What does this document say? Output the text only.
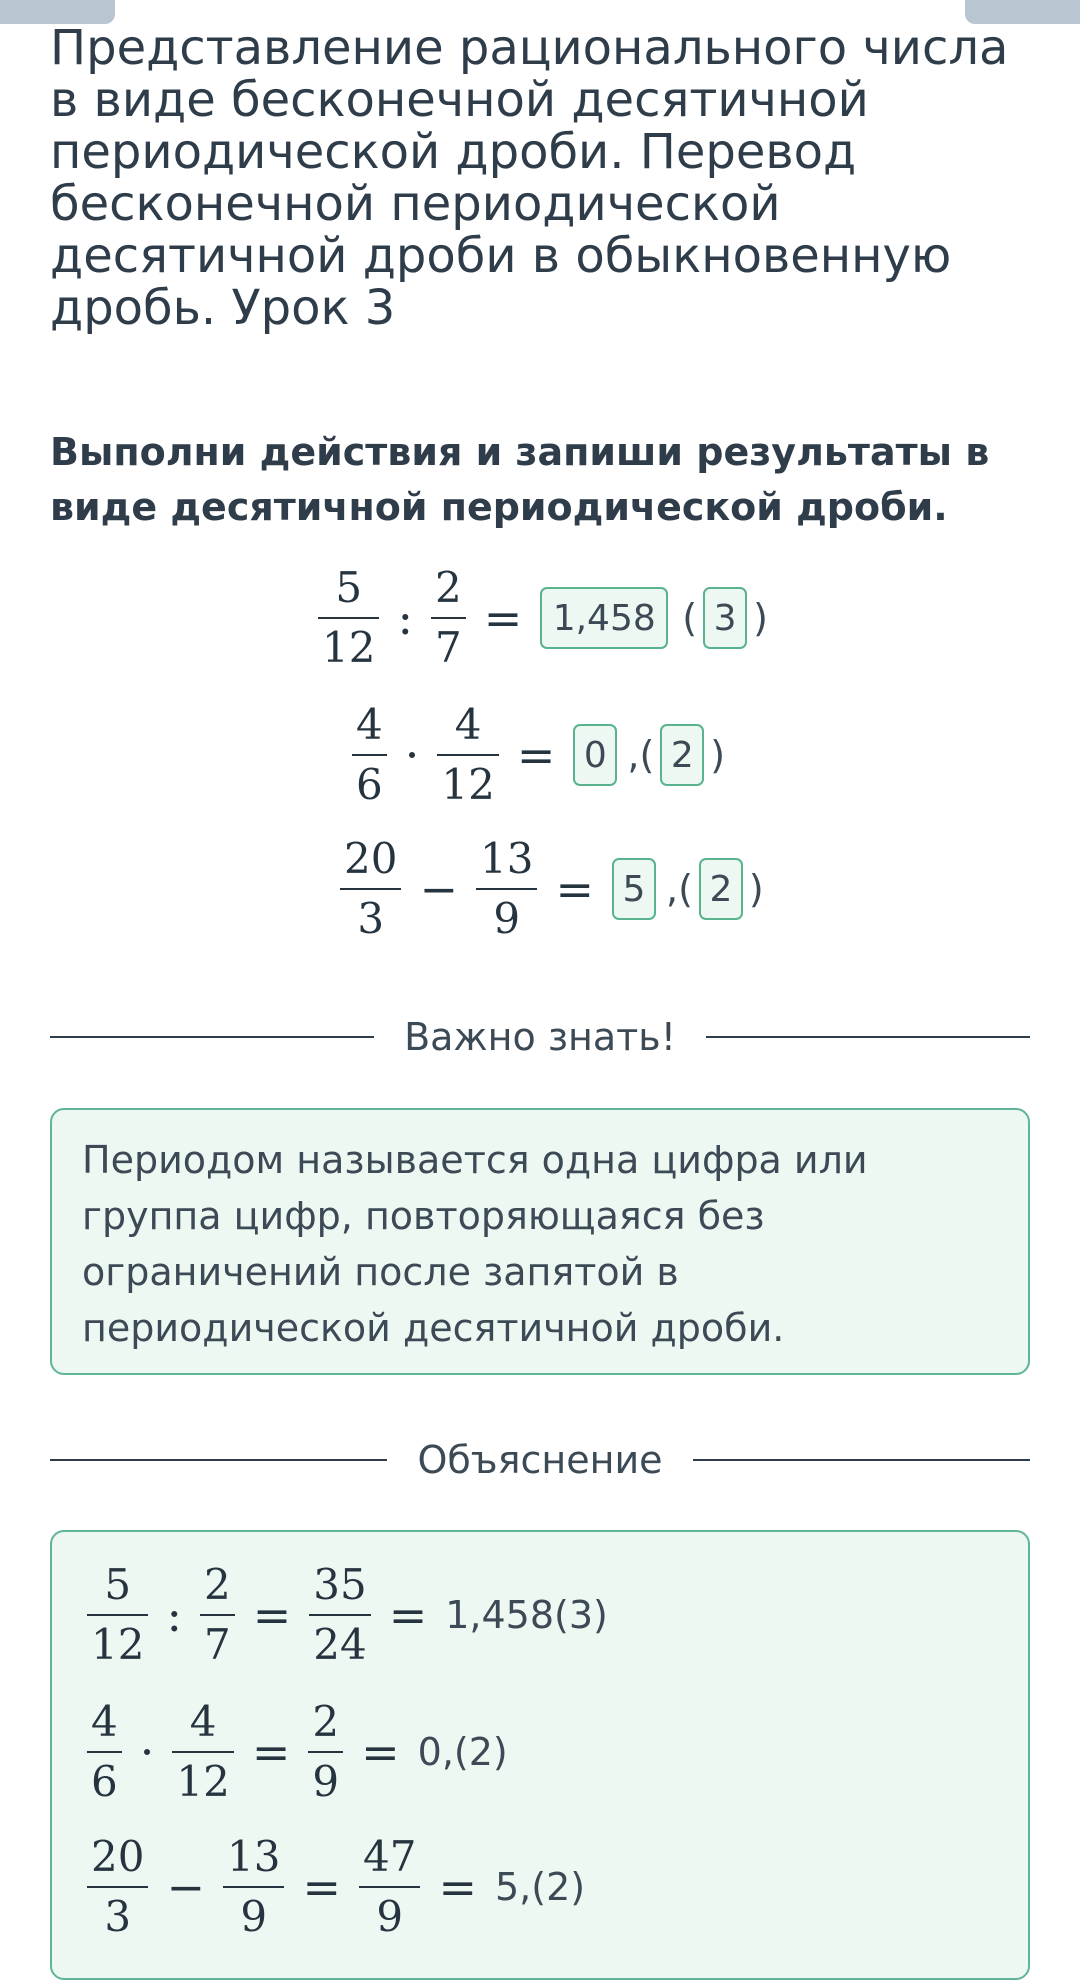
Представление рационального числа в виде бесконечной десятичной периодической дроби. Перевод бесконечной периодической десятичной дроби в обыкновенную дробь. Урок 3

Выполни действия и запиши результаты в виде десятичной периодической дроби.

$\frac{5}{12}$ : $\frac{2}{7} = 1,458$ ( 3 )
$\frac{4}{6} \cdot \frac{4}{12} = 0$ ,( 2 )
$\frac{20}{3} - \frac{13}{9} = 5$ ,( 2 )
Важно знать!
Периодом называется одна цифра или группа цифр, повторяющаяся без ограничений после запятой в периодической десятичной дроби.
Объяснение
$\frac{5}{12}$ : $\frac{2}{7} = \frac{35}{24} = 1,458(3)$
$\frac{4}{6} \cdot \frac{4}{12} = \frac{2}{9} = 0,(2)$
$\frac{20}{3} - \frac{13}{9} = \frac{47}{9} = 5,(2)$
